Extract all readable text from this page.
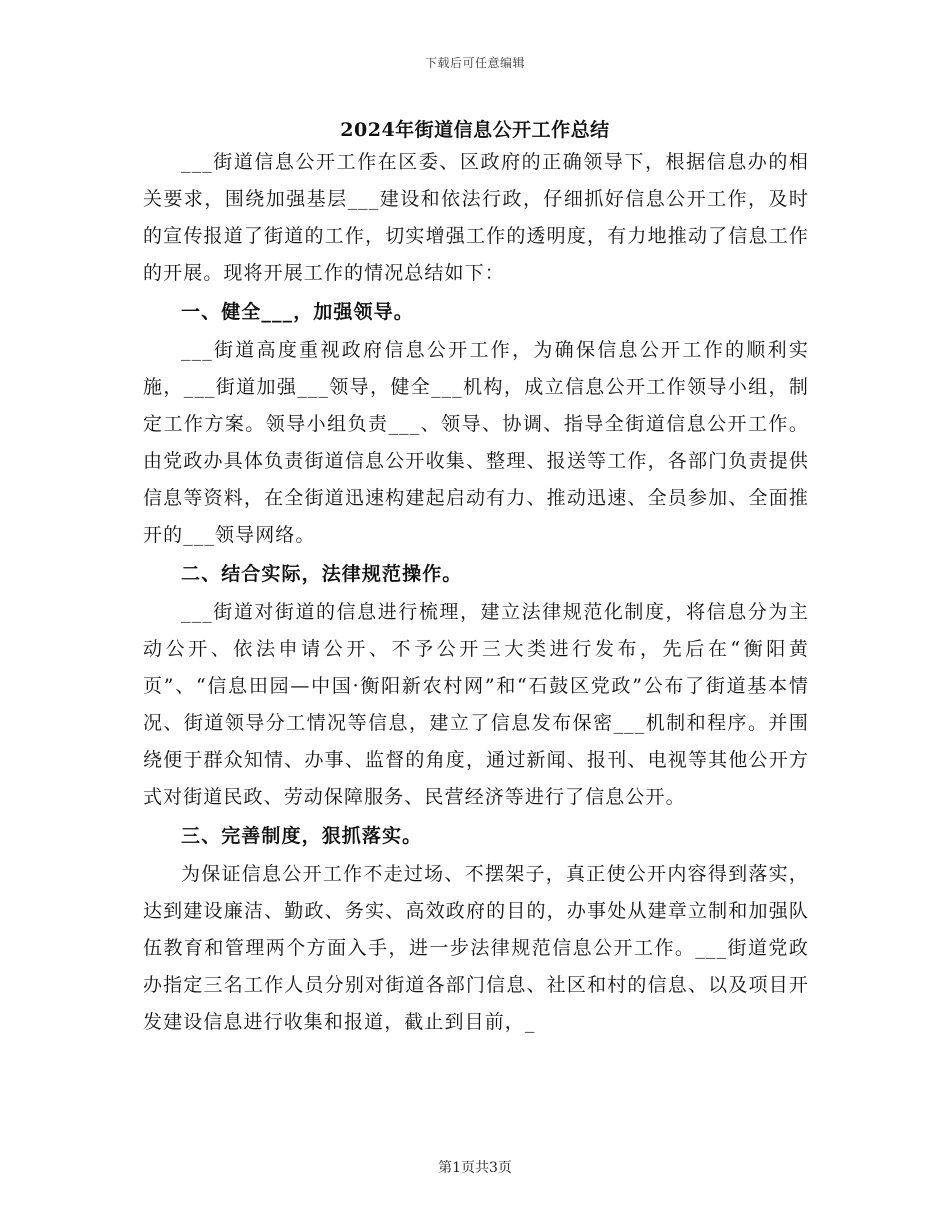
下载后可任意编辑
2024年街道信息公开工作总结

___街道信息公开工作在区委、区政府的正确领导下，根据信息办的相关要求，围绕加强基层___建设和依法行政，仔细抓好信息公开工作，及时的宣传报道了街道的工作，切实增强工作的透明度，有力地推动了信息工作的开展。现将开展工作的情况总结如下：

一、健全___，加强领导。

___街道高度重视政府信息公开工作，为确保信息公开工作的顺利实施，___街道加强___领导，健全___机构，成立信息公开工作领导小组，制定工作方案。领导小组负责___、领导、协调、指导全街道信息公开工作。由党政办具体负责街道信息公开收集、整理、报送等工作，各部门负责提供信息等资料，在全街道迅速构建起启动有力、推动迅速、全员参加、全面推开的___领导网络。

二、结合实际，法律规范操作。

___街道对街道的信息进行梳理，建立法律规范化制度，将信息分为主动公开、依法申请公开、不予公开三大类进行发布，先后在“衡阳黄页”、“信息田园—中国·衡阳新农村网”和“石鼓区党政”公布了街道基本情况、街道领导分工情况等信息，建立了信息发布保密___机制和程序。并围绕便于群众知情、办事、监督的角度，通过新闻、报刊、电视等其他公开方式对街道民政、劳动保障服务、民营经济等进行了信息公开。

三、完善制度，狠抓落实。

为保证信息公开工作不走过场、不摆架子，真正使公开内容得到落实，达到建设廉洁、勤政、务实、高效政府的目的，办事处从建章立制和加强队伍教育和管理两个方面入手，进一步法律规范信息公开工作。___街道党政办指定三名工作人员分别对街道各部门信息、社区和村的信息、以及项目开发建设信息进行收集和报道，截止到目前，_

第1页共3页
